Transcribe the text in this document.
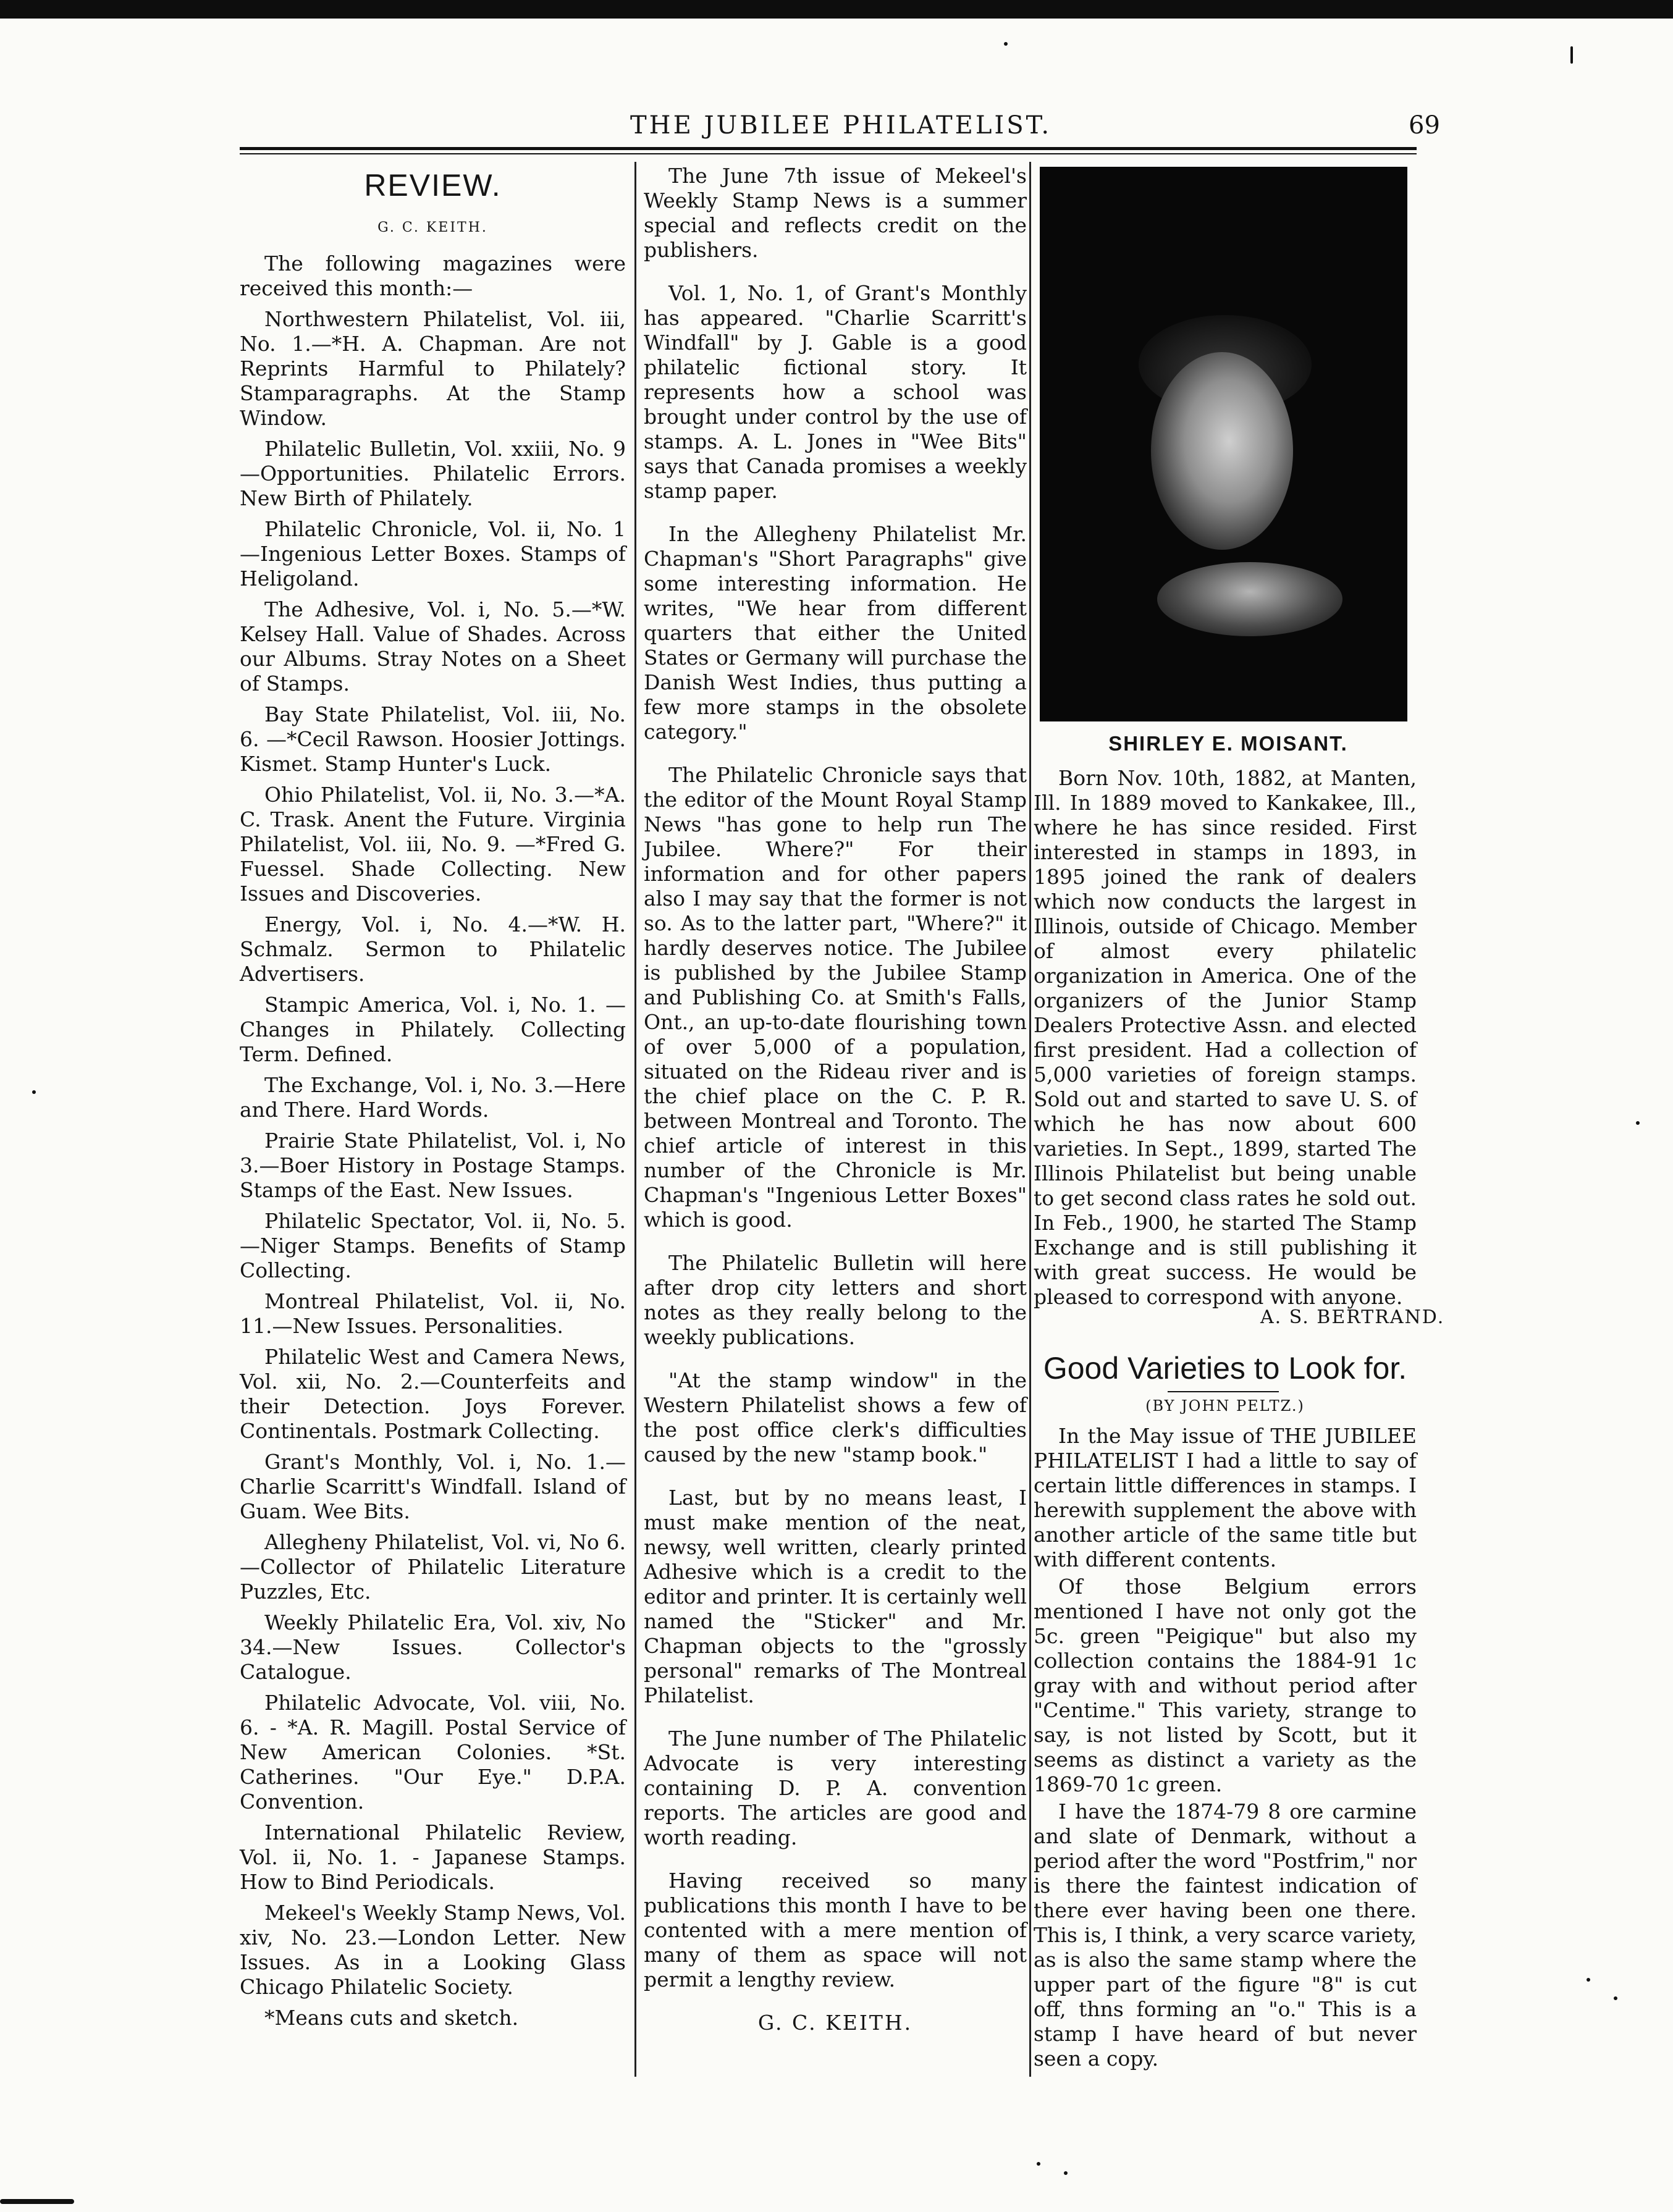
THE JUBILEE PHILATELIST.	69
REVIEW.
G. C. KEITH.

The following magazines were received this month:—

Northwestern Philatelist, Vol. iii, No. 1.—*H. A. Chapman. Are not Reprints Harmful to Philately? Stamparagraphs. At the Stamp Window.

Philatelic Bulletin, Vol. xxiii, No. 9—Opportunities. Philatelic Errors. New Birth of Philately.

Philatelic Chronicle, Vol. ii, No. 1—Ingenious Letter Boxes. Stamps of Heligoland.

The Adhesive, Vol. i, No. 5.—*W. Kelsey Hall. Value of Shades. Across our Albums. Stray Notes on a Sheet of Stamps.

Bay State Philatelist, Vol. iii, No. 6. —*Cecil Rawson. Hoosier Jottings. Kismet. Stamp Hunter's Luck.

Ohio Philatelist, Vol. ii, No. 3.—*A. C. Trask. Anent the Future. Virginia Philatelist, Vol. iii, No. 9. —*Fred G. Fuessel. Shade Collecting. New Issues and Discoveries.

Energy, Vol. i, No. 4.—*W. H. Schmalz. Sermon to Philatelic Advertisers.

Stampic America, Vol. i, No. 1. —Changes in Philately. Collecting Term. Defined.

The Exchange, Vol. i, No. 3.—Here and There. Hard Words.

Prairie State Philatelist, Vol. i, No 3.—Boer History in Postage Stamps. Stamps of the East. New Issues.

Philatelic Spectator, Vol. ii, No. 5.—Niger Stamps. Benefits of Stamp Collecting.

Montreal Philatelist, Vol. ii, No. 11.—New Issues. Personalities.

Philatelic West and Camera News, Vol. xii, No. 2.—Counterfeits and their Detection. Joys Forever. Continentals. Postmark Collecting.

Grant's Monthly, Vol. i, No. 1.—Charlie Scarritt's Windfall. Island of Guam. Wee Bits.

Allegheny Philatelist, Vol. vi, No 6.—Collector of Philatelic Literature Puzzles, Etc.

Weekly Philatelic Era, Vol. xiv, No 34.—New Issues. Collector's Catalogue.

Philatelic Advocate, Vol. viii, No. 6. - *A. R. Magill. Postal Service of New American Colonies. *St. Catherines. "Our Eye." D.P.A. Convention.

International Philatelic Review, Vol. ii, No. 1. - Japanese Stamps. How to Bind Periodicals.

Mekeel's Weekly Stamp News, Vol. xiv, No. 23.—London Letter. New Issues. As in a Looking Glass Chicago Philatelic Society.

*Means cuts and sketch.

The June 7th issue of Mekeel's Weekly Stamp News is a summer special and reflects credit on the publishers.

Vol. 1, No. 1, of Grant's Monthly has appeared. "Charlie Scarritt's Windfall" by J. Gable is a good philatelic fictional story. It represents how a school was brought under control by the use of stamps. A. L. Jones in "Wee Bits" says that Canada promises a weekly stamp paper.

In the Allegheny Philatelist Mr. Chapman's "Short Paragraphs" give some interesting information. He writes, "We hear from different quarters that either the United States or Germany will purchase the Danish West Indies, thus putting a few more stamps in the obsolete category."

The Philatelic Chronicle says that the editor of the Mount Royal Stamp News "has gone to help run The Jubilee. Where?" For their information and for other papers also I may say that the former is not so. As to the latter part, "Where?" it hardly deserves notice. The Jubilee is published by the Jubilee Stamp and Publishing Co. at Smith's Falls, Ont., an up-to-date flourishing town of over 5,000 of a population, situated on the Rideau river and is the chief place on the C. P. R. between Montreal and Toronto. The chief article of interest in this number of the Chronicle is Mr. Chapman's "Ingenious Letter Boxes" which is good.

The Philatelic Bulletin will here after drop city letters and short notes as they really belong to the weekly publications.

"At the stamp window" in the Western Philatelist shows a few of the post office clerk's difficulties caused by the new "stamp book."

Last, but by no means least, I must make mention of the neat, newsy, well written, clearly printed Adhesive which is a credit to the editor and printer. It is certainly well named the "Sticker" and Mr. Chapman objects to the "grossly personal" remarks of The Montreal Philatelist.

The June number of The Philatelic Advocate is very interesting containing D. P. A. convention reports. The articles are good and worth reading.

Having received so many publications this month I have to be contented with a mere mention of many of them as space will not permit a lengthy review.

G. C. KEITH.
SHIRLEY E. MOISANT.
Born Nov. 10th, 1882, at Manten, Ill. In 1889 moved to Kankakee, Ill., where he has since resided. First interested in stamps in 1893, in 1895 joined the rank of dealers which now conducts the largest in Illinois, outside of Chicago. Member of almost every philatelic organization in America. One of the organizers of the Junior Stamp Dealers Protective Assn. and elected first president. Had a collection of 5,000 varieties of foreign stamps. Sold out and started to save U. S. of which he has now about 600 varieties. In Sept., 1899, started The Illinois Philatelist but being unable to get second class rates he sold out. In Feb., 1900, he started The Stamp Exchange and is still publishing it with great success. He would be pleased to correspond with anyone.
A. S. BERTRAND.
Good Varieties to Look for.
(BY JOHN PELTZ.)

In the May issue of THE JUBILEE PHILATELIST I had a little to say of certain little differences in stamps. I herewith supplement the above with another article of the same title but with different contents.

Of those Belgium errors mentioned I have not only got the 5c. green "Peigique" but also my collection contains the 1884-91 1c gray with and without period after "Centime." This variety, strange to say, is not listed by Scott, but it seems as distinct a variety as the 1869-70 1c green.

I have the 1874-79 8 ore carmine and slate of Denmark, without a period after the word "Postfrim," nor is there the faintest indication of there ever having been one there. This is, I think, a very scarce variety, as is also the same stamp where the upper part of the figure "8" is cut off, thns forming an "o." This is a stamp I have heard of but never seen a copy.
